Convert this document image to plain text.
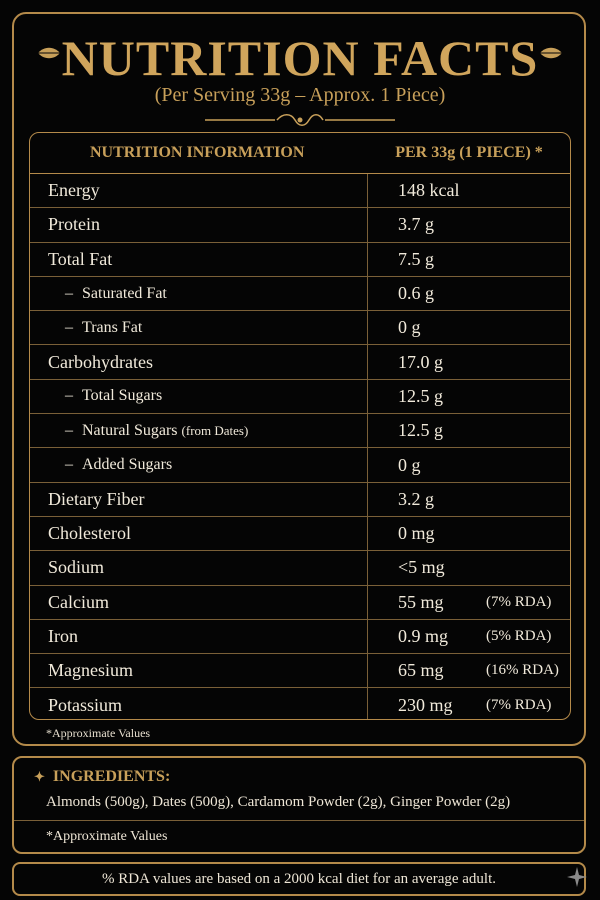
NUTRITION FACTS
(Per Serving 33g – Approx. 1 Piece)
NUTRITION INFORMATION	PER 33g (1 PIECE) *
Energy	148 kcal
Protein	3.7 g
Total Fat	7.5 g
– Saturated Fat	0.6 g
– Trans Fat	0 g
Carbohydrates	17.0 g
– Total Sugars	12.5 g
– Natural Sugars (from Dates)	12.5 g
– Added Sugars	0 g
Dietary Fiber	3.2 g
Cholesterol	0 mg
Sodium	<5 mg
Calcium	55 mg	(7% RDA)
Iron	0.9 mg	(5% RDA)
Magnesium	65 mg	(16% RDA)
Potassium	230 mg	(7% RDA)
*Approximate Values
✦ INGREDIENTS:
Almonds (500g), Dates (500g), Cardamom Powder (2g), Ginger Powder (2g)
*Approximate Values
% RDA values are based on a 2000 kcal diet for an average adult.
